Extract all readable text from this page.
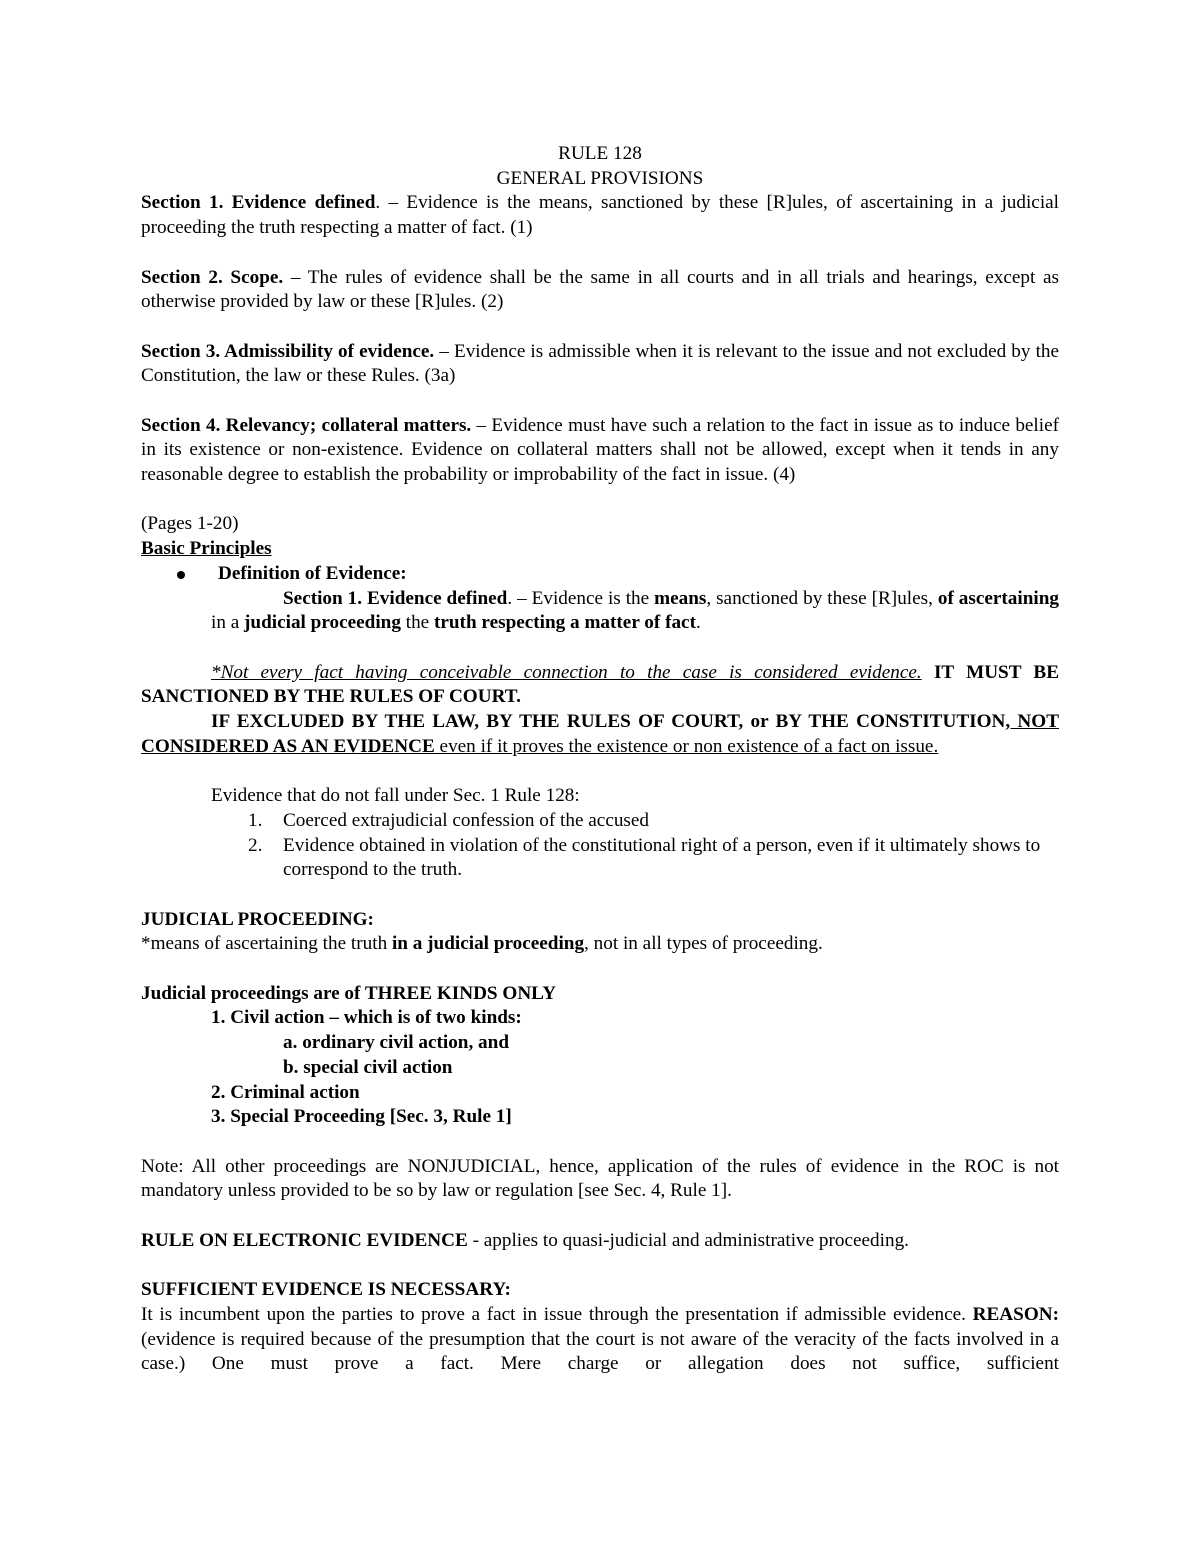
RULE 128
GENERAL PROVISIONS
Section 1. Evidence defined. – Evidence is the means, sanctioned by these [R]ules, of ascertaining in a judicial proceeding the truth respecting a matter of fact. (1)
Section 2. Scope. – The rules of evidence shall be the same in all courts and in all trials and hearings, except as otherwise provided by law or these [R]ules. (2)
Section 3. Admissibility of evidence. – Evidence is admissible when it is relevant to the issue and not excluded by the Constitution, the law or these Rules. (3a)
Section 4. Relevancy; collateral matters. – Evidence must have such a relation to the fact in issue as to induce belief in its existence or non-existence. Evidence on collateral matters shall not be allowed, except when it tends in any reasonable degree to establish the probability or improbability of the fact in issue. (4)
(Pages 1-20)
Basic Principles
Definition of Evidence:
Section 1. Evidence defined. – Evidence is the means, sanctioned by these [R]ules, of ascertaining in a judicial proceeding the truth respecting a matter of fact.
*Not every fact having conceivable connection to the case is considered evidence. IT MUST BE SANCTIONED BY THE RULES OF COURT.
IF EXCLUDED BY THE LAW, BY THE RULES OF COURT, or BY THE CONSTITUTION, NOT CONSIDERED AS AN EVIDENCE even if it proves the existence or non existence of a fact on issue.
Evidence that do not fall under Sec. 1 Rule 128:
1. Coerced extrajudicial confession of the accused
2. Evidence obtained in violation of the constitutional right of a person, even if it ultimately shows to correspond to the truth.
JUDICIAL PROCEEDING:
*means of ascertaining the truth in a judicial proceeding, not in all types of proceeding.
Judicial proceedings are of THREE KINDS ONLY
1. Civil action – which is of two kinds:
a. ordinary civil action, and
b. special civil action
2. Criminal action
3. Special Proceeding [Sec. 3, Rule 1]
Note: All other proceedings are NONJUDICIAL, hence, application of the rules of evidence in the ROC is not mandatory unless provided to be so by law or regulation [see Sec. 4, Rule 1].
RULE ON ELECTRONIC EVIDENCE - applies to quasi-judicial and administrative proceeding.
SUFFICIENT EVIDENCE IS NECESSARY:
It is incumbent upon the parties to prove a fact in issue through the presentation if admissible evidence. REASON: (evidence is required because of the presumption that the court is not aware of the veracity of the facts involved in a case.) One must prove a fact. Mere charge or allegation does not suffice, sufficient
